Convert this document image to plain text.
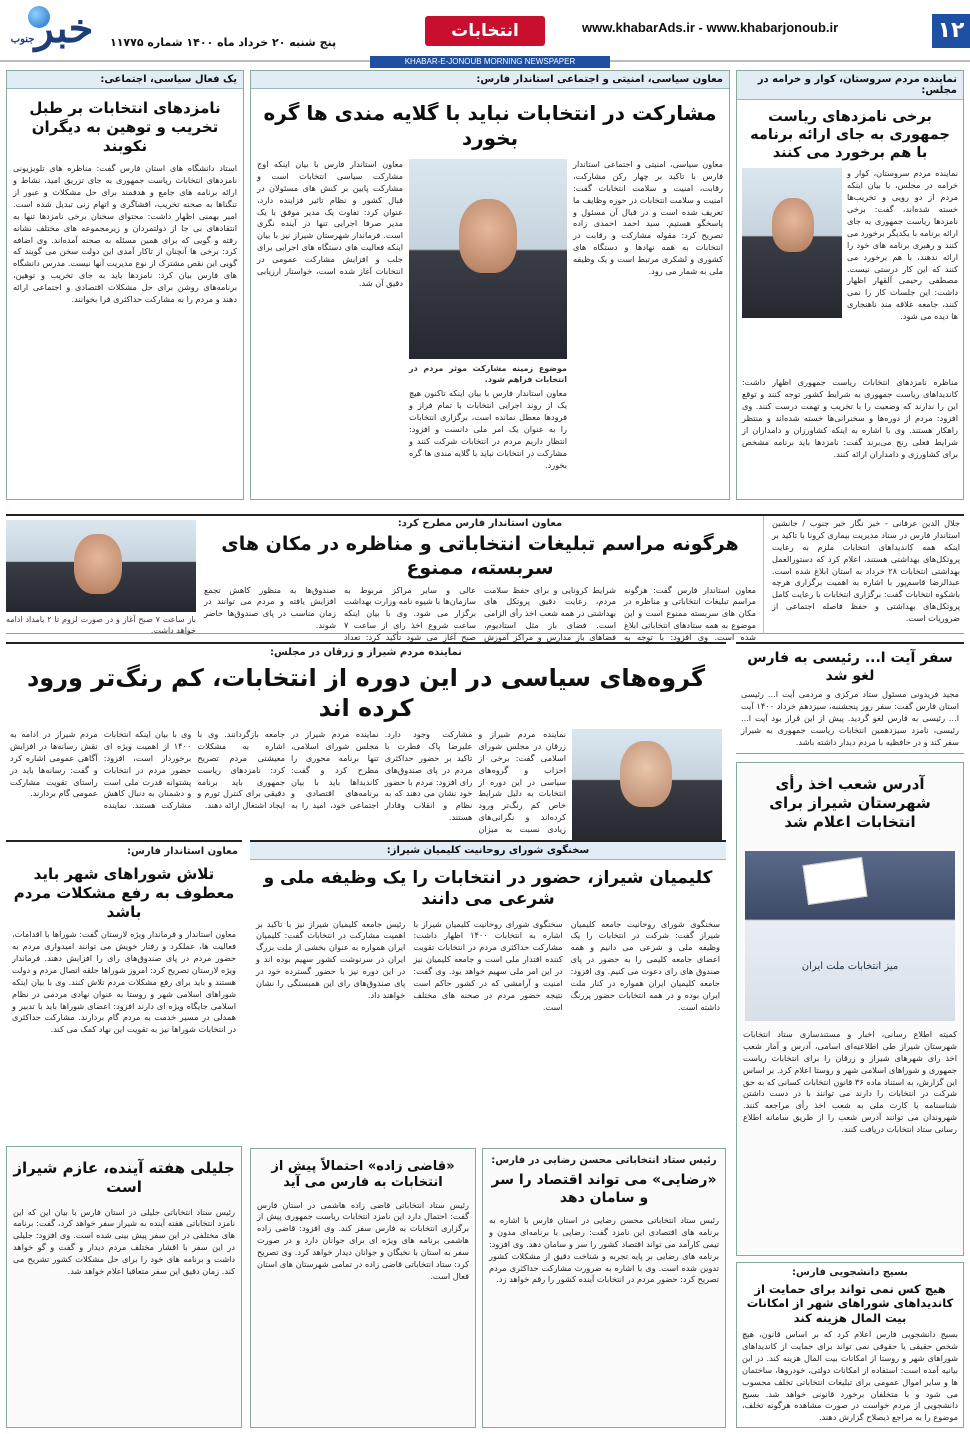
۱۲
www.khabarAds.ir - www.khabarjonoub.ir
انتخابات
پنج شنبه ۲۰ خرداد ماه ۱۴۰۰ شماره ۱۱۷۷۵
خبرجنوب
KHABAR-E-JONOUB MORNING NEWSPAPER
نماینده مردم سروستان، کوار و خرامه در مجلس:
برخی نامزدهای ریاست جمهوری به جای ارائه برنامه با هم برخورد می کنند
نماینده مردم سروستان، کوار و خرامه در مجلس، با بیان اینکه مردم از دو رویی و تخریب‌ها خسته شده‌اند، گفت: برخی نامزدها ریاست جمهوری به جای ارائه برنامه با یکدیگر برخورد می کنند و رهبری برنامه های خود را ارائه ندهند، با هم برخورد می کنند که این کار درستی نیست. مصطفی رحیمی آلقهار اظهار داشت: این جلسات کار را نمی کنند، جامعه علاقه مند ناهنجاری ها دیده می شود.
مناظره نامزدهای انتخابات ریاست جمهوری اظهار داشت: کاندیداهای ریاست جمهوری به شرایط کشور توجه کنند و توقع این را ندارند که وضعیت را با تخریب و تهمت درست کنند. وی افزود: مردم از دوره‌ها و سخنرانی‌ها خسته شده‌اند و منتظر راهکار هستند. وی با اشاره به اینکه کشاورزان و دامداران از شرایط فعلی رنج می‌برند گفت: نامزدها باید برنامه مشخص برای کشاورزی و دامداران ارائه کنند.
معاون سیاسی، امنیتی و اجتماعی استاندار فارس:
مشارکت در انتخابات نباید با گلایه مندی ها گره بخورد
معاون سیاسی، امنیتی و اجتماعی استاندار فارس با تاکید بر چهار رکن مشارکت، رقابت، امنیت و سلامت انتخابات گفت: امنیت و سلامت انتخابات در حوزه وظایف ما تعریف شده است و در قبال آن مسئول و پاسخگو هستیم. سید احمد احمدی زاده تصریح کرد: مقوله مشارکت و رقابت در انتخابات به همه نهادها و دستگاه های کشوری و لشکری مرتبط است و یک وظیفه ملی به شمار می رود.
موضوع زمینه مشارکت موثر مردم در انتخابات فراهم شود.
معاون استاندار فارس با بیان اینکه تاکنون هیچ یک از روند اجرایی انتخابات با تمام فراز و فرودها معطل نمانده است، برگزاری انتخابات را به عنوان یک امر ملی دانست و افزود: انتظار داریم مردم در انتخابات شرکت کنند و مشارکت در انتخابات نباید با گلایه مندی ها گره بخورد.
معاون استاندار فارس با بیان اینکه اوج مشارکت سیاسی انتخابات است و مشارکت پایین بر کنش های مسئولان در قبال کشور و نظام تاثیر فزاینده دارد، عنوان کرد: تفاوت یک مدیر موفق با یک مدیر صرفا اجرایی تنها در آینده نگری است. فرماندار شهرستان شیراز نیز با بیان اینکه فعالیت های دستگاه های اجرایی برای جلب و افزایش مشارکت عمومی در انتخابات آغاز شده است، خواستار ارزیابی دقیق آن شد.
یک فعال سیاسی، اجتماعی:
نامزدهای انتخابات بر طبل تخریب و توهین به دیگران نکوبند
استاد دانشگاه های استان فارس گفت: مناظره های تلویزیونی نامزدهای انتخابات ریاست جمهوری به جای تزریق امید، نشاط و ارائه برنامه های جامع و هدفمند برای حل مشکلات و عبور از تنگناها به صحنه تخریب، افشاگری و اتهام زنی تبدیل شده است. امیر بهمنی اظهار داشت: محتوای سخنان برخی نامزدها تنها به انتقادهای بی جا از دولتمردان و زیرمجموعه های مختلف نشانه رفته و گویی که برای همین مسئله به صحنه آمده‌اند. وی اضافه کرد: برخی ها آنچنان از تاکار آمدی این دولت سخن می گویند که گویی این نقص مشترک از نوع مدیریت آنها نیست. مدرس دانشگاه های فارس بیان کرد: نامزدها باید به جای تخریب و توهین، برنامه‌های روشن برای حل مشکلات اقتصادی و اجتماعی ارائه دهند و مردم را به مشارکت حداکثری فرا بخوانند.
جلال الدین عرفانی - خبر نگار خبر جنوب / جانشین استاندار فارس در ستاد مدیریت بیماری کرونا با تاکید بر اینکه همه کاندیداهای انتخابات ملزم به رعایت پروتکل‌های بهداشتی هستند، اعلام کرد که دستورالعمل بهداشتی انتخابات ۲۸ خرداد به استان ابلاغ شده است. عبدالرضا قاسم‌پور با اشاره به اهمیت برگزاری هرچه باشکوه انتخابات گفت: برگزاری انتخابات با رعایت کامل پروتکل‌های بهداشتی و حفظ فاصله اجتماعی از ضروریات است.
معاون استاندار فارس مطرح کرد:
هرگونه مراسم تبلیغات انتخاباتی و مناظره در مکان های سربسته، ممنوع
معاون استاندار فارس گفت: هرگونه مراسم تبلیغات انتخاباتی و مناظره در مکان های سربسته ممنوع است و این موضوع به همه ستادهای انتخاباتی ابلاغ شده است. وی افزود: با توجه به شرایط کرونایی و برای حفظ سلامت مردم، رعایت دقیق پروتکل های بهداشتی در همه شعب اخذ رأی الزامی است. فضای باز مثل استادیوم، فضاهای باز مدارس و مراکز آموزش عالی و سایر مراکز مربوط به سازمان‌ها با شیوه نامه وزارت بهداشت برگزار می شود. وی با بیان اینکه ساعت شروع اخذ رای از ساعت ۷ صبح آغاز می شود تأکید کرد: تعداد صندوق‌ها به منظور کاهش تجمع افزایش یافته و مردم می توانند در زمان مناسب در پای صندوق‌ها حاضر شوند.
باز ساعت ۷ صبح آغاز و در صورت لزوم تا ۲ بامداد ادامه خواهد داشت.
نماینده مردم شیراز و زرقان در مجلس:
گروه‌های سیاسی در این دوره از انتخابات، کم رنگ‌تر ورود کرده اند
نماینده مردم شیراز و زرقان در مجلس شورای اسلامی گفت: برخی از احزاب و گروه‌های سیاسی در این دوره از انتخابات به دلیل شرایط خاص کم رنگ‌تر ورود کرده‌اند و نگرانی‌های زیادی نسبت به میزان مشارکت وجود دارد. علیرضا پاک فطرت با تاکید بر حضور حداکثری مردم در پای صندوق‌های رای افزود: مردم با حضور خود نشان می دهند که به نظام و انقلاب وفادار هستند.
نماینده مردم شیراز در مجلس شورای اسلامی، تنها برنامه محوری را مطرح کرد و گفت: کاندیداها باید با بیان برنامه‌های اقتصادی و اجتماعی خود، امید را به جامعه بازگردانند. وی با اشاره به مشکلات معیشتی مردم تصریح کرد: نامزدهای ریاست جمهوری باید برنامه دقیقی برای کنترل تورم و ایجاد اشتغال ارائه دهند.
وی با بیان اینکه انتخابات ۱۴۰۰ از اهمیت ویژه ای برخوردار است، افزود: حضور مردم در انتخابات پشتوانه قدرت ملی است و دشمنان به دنبال کاهش مشارکت هستند. نماینده مردم شیراز در ادامه به نقش رسانه‌ها در افزایش آگاهی عمومی اشاره کرد و گفت: رسانه‌ها باید در راستای تقویت مشارکت عمومی گام بردارند.
سفر آیت ا... رئیسی به فارس لغو شد
مجید فریدونی مسئول ستاد مرکزی و مردمی آیت ا... رئیسی استان فارس گفت: سفر روز پنجشنبه، سیزدهم خرداد ۱۴۰۰ آیت ا... رئیسی به فارس لغو گردید. پیش از این قرار بود آیت ا... رئیسی، نامزد سیزدهمین انتخابات ریاست جمهوری به شیراز سفر کند و در حافظیه با مردم دیدار داشته باشد.
آدرس شعب اخذ رأی شهرستان شیراز برای انتخابات اعلام شد
میز انتخابات ملت ایران
کمیته اطلاع رسانی، اخبار و مستندسازی ستاد انتخابات شهرستان شیراز طی اطلاعیه‌ای اسامی، آدرس و آمار شعب اخذ رای شهرهای شیراز و زرقان را برای انتخابات ریاست جمهوری و شوراهای اسلامی شهر و روستا اعلام کرد. بر اساس این گزارش، به استناد ماده ۳۶ قانون انتخابات کسانی که به حق شرکت در انتخابات را دارند می توانند با در دست داشتن شناسنامه یا کارت ملی به شعب اخذ رأی مراجعه کنند. شهروندان می توانند آدرس شعب را از طریق سامانه اطلاع رسانی ستاد انتخابات دریافت کنند.
معاون استاندار فارس:
تلاش شوراهای شهر باید معطوف به رفع مشکلات مردم باشد
معاون استاندار و فرماندار ویژه لارستان گفت: شوراها با اقدامات، فعالیت ها، عملکرد و رفتار خویش می توانند امیدواری مردم به حضور مردم در پای صندوق‌های رای را افزایش دهند. فرماندار ویژه لارستان تصریح کرد: امروز شوراها حلقه اتصال مردم و دولت هستند و باید برای رفع مشکلات مردم تلاش کنند. وی با بیان اینکه شوراهای اسلامی شهر و روستا به عنوان نهادی مردمی در نظام اسلامی جایگاه ویژه ای دارند افزود: اعضای شوراها باید با تدبیر و همدلی در مسیر خدمت به مردم گام بردارند. مشارکت حداکثری در انتخابات شوراها نیز به تقویت این نهاد کمک می کند.
سخنگوی شورای روحانیت کلیمیان شیراز:
کلیمیان شیراز، حضور در انتخابات را یک وظیفه ملی و شرعی می دانند
سخنگوی شورای روحانیت جامعه کلیمیان شیراز گفت: شرکت در انتخابات را یک وظیفه ملی و شرعی می دانیم و همه اعضای جامعه کلیمی را به حضور در پای صندوق های رای دعوت می کنیم. وی افزود: جامعه کلیمیان ایران همواره در کنار ملت ایران بوده و در همه انتخابات حضور پررنگ داشته است.
سخنگوی شورای روحانیت کلیمیان شیراز با اشاره به انتخابات ۱۴۰۰ اظهار داشت: مشارکت حداکثری مردم در انتخابات تقویت کننده اقتدار ملی است و جامعه کلیمیان نیز در این امر ملی سهیم خواهد بود. وی گفت: امنیت و آرامشی که در کشور حاکم است نتیجه حضور مردم در صحنه های مختلف است.
رئیس جامعه کلیمیان شیراز نیز با تاکید بر اهمیت مشارکت در انتخابات گفت: کلیمیان ایران همواره به عنوان بخشی از ملت بزرگ ایران در سرنوشت کشور سهیم بوده اند و در این دوره نیز با حضور گسترده خود در پای صندوق‌های رای این همبستگی را نشان خواهند داد.
جلیلی هفته آینده، عازم شیراز است
رئیس ستاد انتخاباتی جلیلی در استان فارس با بیان این که این نامزد انتخاباتی هفته آینده به شیراز سفر خواهد کرد، گفت: برنامه های مختلفی در این سفر پیش بینی شده است. وی افزود: جلیلی در این سفر با اقشار مختلف مردم دیدار و گفت و گو خواهد داشت و برنامه های خود را برای حل مشکلات کشور تشریح می کند. زمان دقیق این سفر متعاقبا اعلام خواهد شد.
«قاضی زاده» احتمالاً پیش از انتخابات به فارس می آید
رئیس ستاد انتخاباتی قاضی زاده هاشمی در استان فارس گفت: احتمال دارد این نامزد انتخابات ریاست جمهوری پیش از برگزاری انتخابات به فارس سفر کند. وی افزود: قاضی زاده هاشمی برنامه های ویژه ای برای جوانان دارد و در صورت سفر به استان با نخبگان و جوانان دیدار خواهد کرد. وی تصریح کرد: ستاد انتخاباتی قاضی زاده در تمامی شهرستان های استان فعال است.
رئیس ستاد انتخاباتی محسن رضایی در فارس:
«رضایی» می تواند اقتصاد را سر و سامان دهد
رئیس ستاد انتخاباتی محسن رضایی در استان فارس با اشاره به برنامه های اقتصادی این نامزد گفت: رضایی با برنامه‌ای مدون و تیمی کارآمد می تواند اقتصاد کشور را سر و سامان دهد. وی افزود: برنامه های رضایی بر پایه تجربه و شناخت دقیق از مشکلات کشور تدوین شده است. وی با اشاره به ضرورت مشارکت حداکثری مردم تصریح کرد: حضور مردم در انتخابات آینده کشور را رقم خواهد زد.
بسیج دانشجویی فارس:
هیچ کس نمی تواند برای حمایت از کاندیداهای شوراهای شهر از امکانات بیت المال هزینه کند
بسیج دانشجویی فارس اعلام کرد که بر اساس قانون، هیچ شخص حقیقی یا حقوقی نمی تواند برای حمایت از کاندیداهای شوراهای شهر و روستا از امکانات بیت المال هزینه کند. در این بیانیه آمده است: استفاده از امکانات دولتی، خودروها، ساختمان ها و سایر اموال عمومی برای تبلیغات انتخاباتی تخلف محسوب می شود و با متخلفان برخورد قانونی خواهد شد. بسیج دانشجویی از مردم خواست در صورت مشاهده هرگونه تخلف، موضوع را به مراجع ذیصلاح گزارش دهند.
